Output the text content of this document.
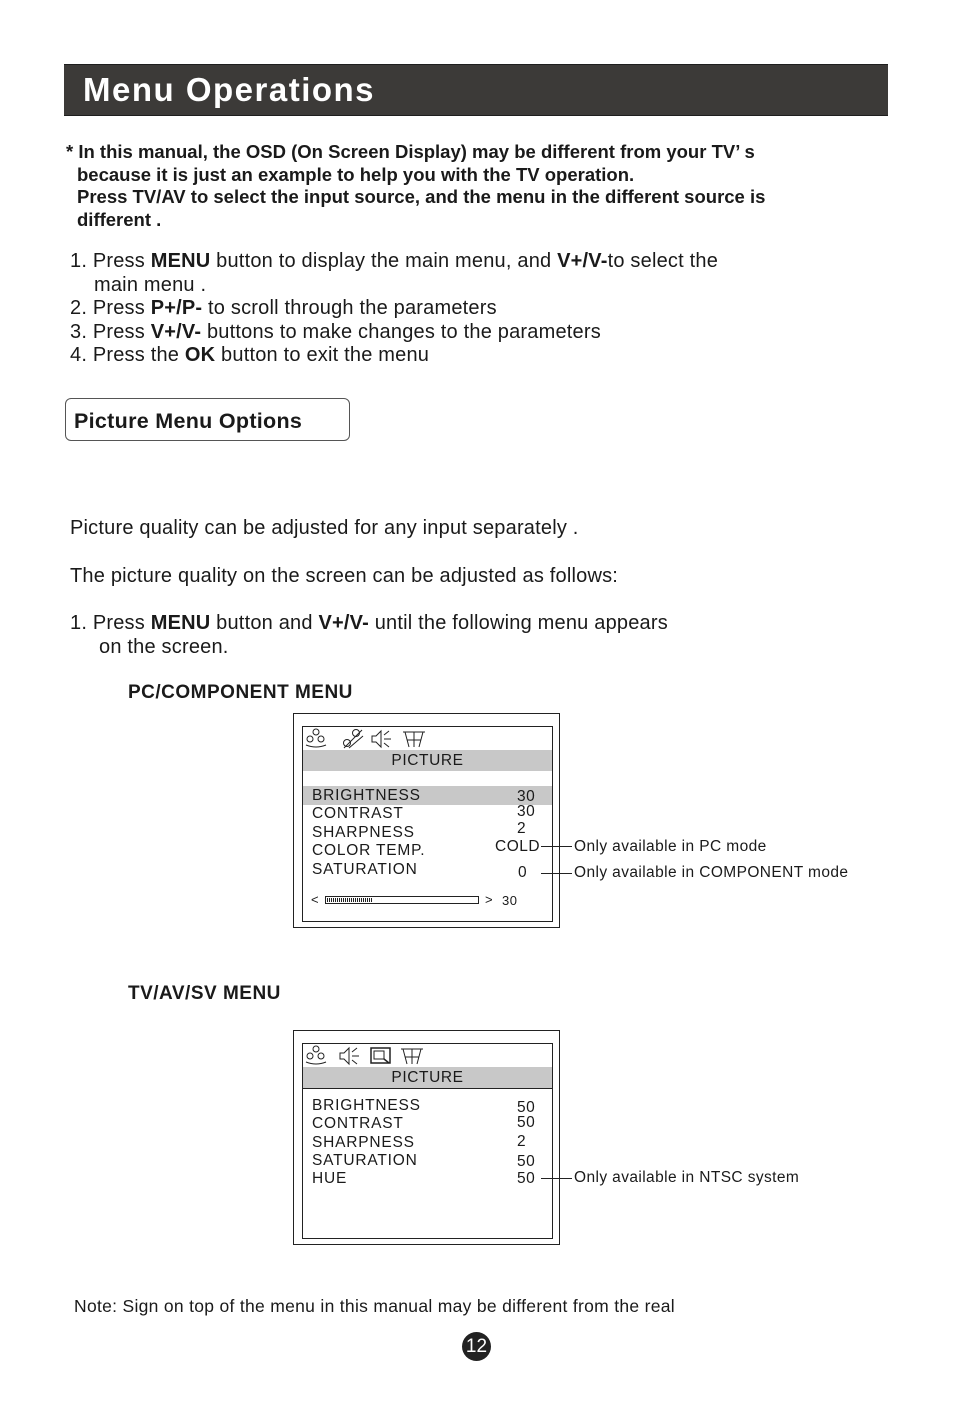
Menu Operations

* In this manual, the OSD (On Screen Display) may be different from your TV’ s

because it is just an example to help you with the TV operation.

Press TV/AV to select the input source, and the menu in the different source is

different .

1. Press MENU button to display the main menu, and V+/V-to select the

main menu .

2. Press P+/P- to scroll through the parameters

3. Press V+/V- buttons to make changes to the parameters

4. Press the OK button to exit the menu

Picture Menu Options
Picture quality can be adjusted for any input separately .
The picture quality on the screen can be adjusted as follows:
1. Press MENU button and V+/V- until the following menu appears
on the screen.
PC/COMPONENT MENU
PICTURE
BRIGHTNESS
CONTRAST
SHARPNESS
COLOR TEMP.
SATURATION
30
30
2
COLD
0
<	> 30
Only available in PC mode
Only available in COMPONENT mode
TV/AV/SV MENU
PICTURE
BRIGHTNESS
CONTRAST
SHARPNESS
SATURATION
HUE
50
50
2
50
50	Only available in NTSC system
Note: Sign on top of the menu in this manual may be different from the real
12
